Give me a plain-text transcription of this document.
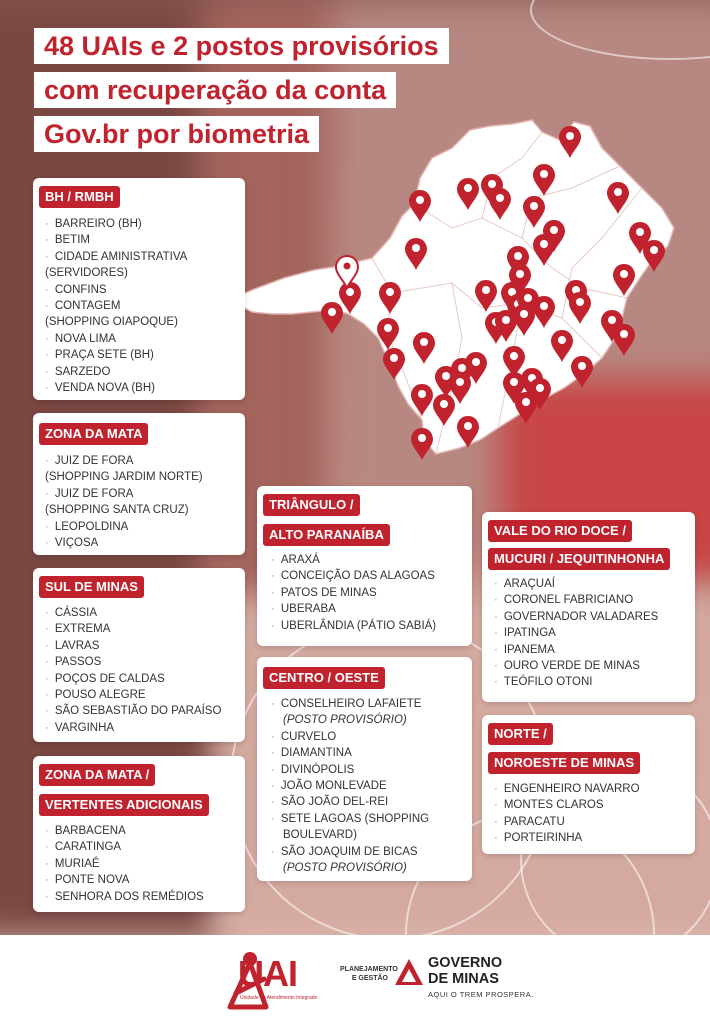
48 UAIs e 2 postos provisórios
com recuperação da conta
Gov.br por biometria
BH / RMBH
· BARREIRO (BH)
· BETIM
· CIDADE AMINISTRATIVA
(SERVIDORES)
· CONFINS
· CONTAGEM
(SHOPPING OIAPOQUE)
· NOVA LIMA
· PRAÇA SETE (BH)
· SARZEDO
· VENDA NOVA (BH)
ZONA DA MATA
· JUIZ DE FORA
(SHOPPING JARDIM NORTE)
· JUIZ DE FORA
(SHOPPING SANTA CRUZ)
· LEOPOLDINA
· VIÇOSA
SUL DE MINAS
· CÁSSIA
· EXTREMA
· LAVRAS
· PASSOS
· POÇOS DE CALDAS
· POUSO ALEGRE
· SÃO SEBASTIÃO DO PARAÍSO
· VARGINHA
ZONA DA MATA /
VERTENTES ADICIONAIS
· BARBACENA
· CARATINGA
· MURIAÉ
· PONTE NOVA
· SENHORA DOS REMÉDIOS
TRIÂNGULO /
ALTO PARANAÍBA
· ARAXÁ
· CONCEIÇÃO DAS ALAGOAS
· PATOS DE MINAS
· UBERABA
· UBERLÂNDIA (PÁTIO SABIÁ)
CENTRO / OESTE
· CONSELHEIRO LAFAIETE
(POSTO PROVISÓRIO)
· CURVELO
· DIAMANTINA
· DIVINÓPOLIS
· JOÃO MONLEVADE
· SÃO JOÃO DEL-REI
· SETE LAGOAS (SHOPPING
BOULEVARD)
· SÃO JOAQUIM DE BICAS
(POSTO PROVISÓRIO)
VALE DO RIO DOCE /
MUCURI / JEQUITINHONHA
· ARAÇUAÍ
· CORONEL FABRICIANO
· GOVERNADOR VALADARES
· IPATINGA
· IPANEMA
· OURO VERDE DE MINAS
· TEÓFILO OTONI
NORTE /
NOROESTE DE MINAS
· ENGENHEIRO NAVARRO
· MONTES CLAROS
· PARACATU
· PORTEIRINHA
UAI
Unidade de Atendimento Integrado
PLANEJAMENTO
E GESTÃO
GOVERNO
DE MINAS
AQUI O TREM PROSPERA.
